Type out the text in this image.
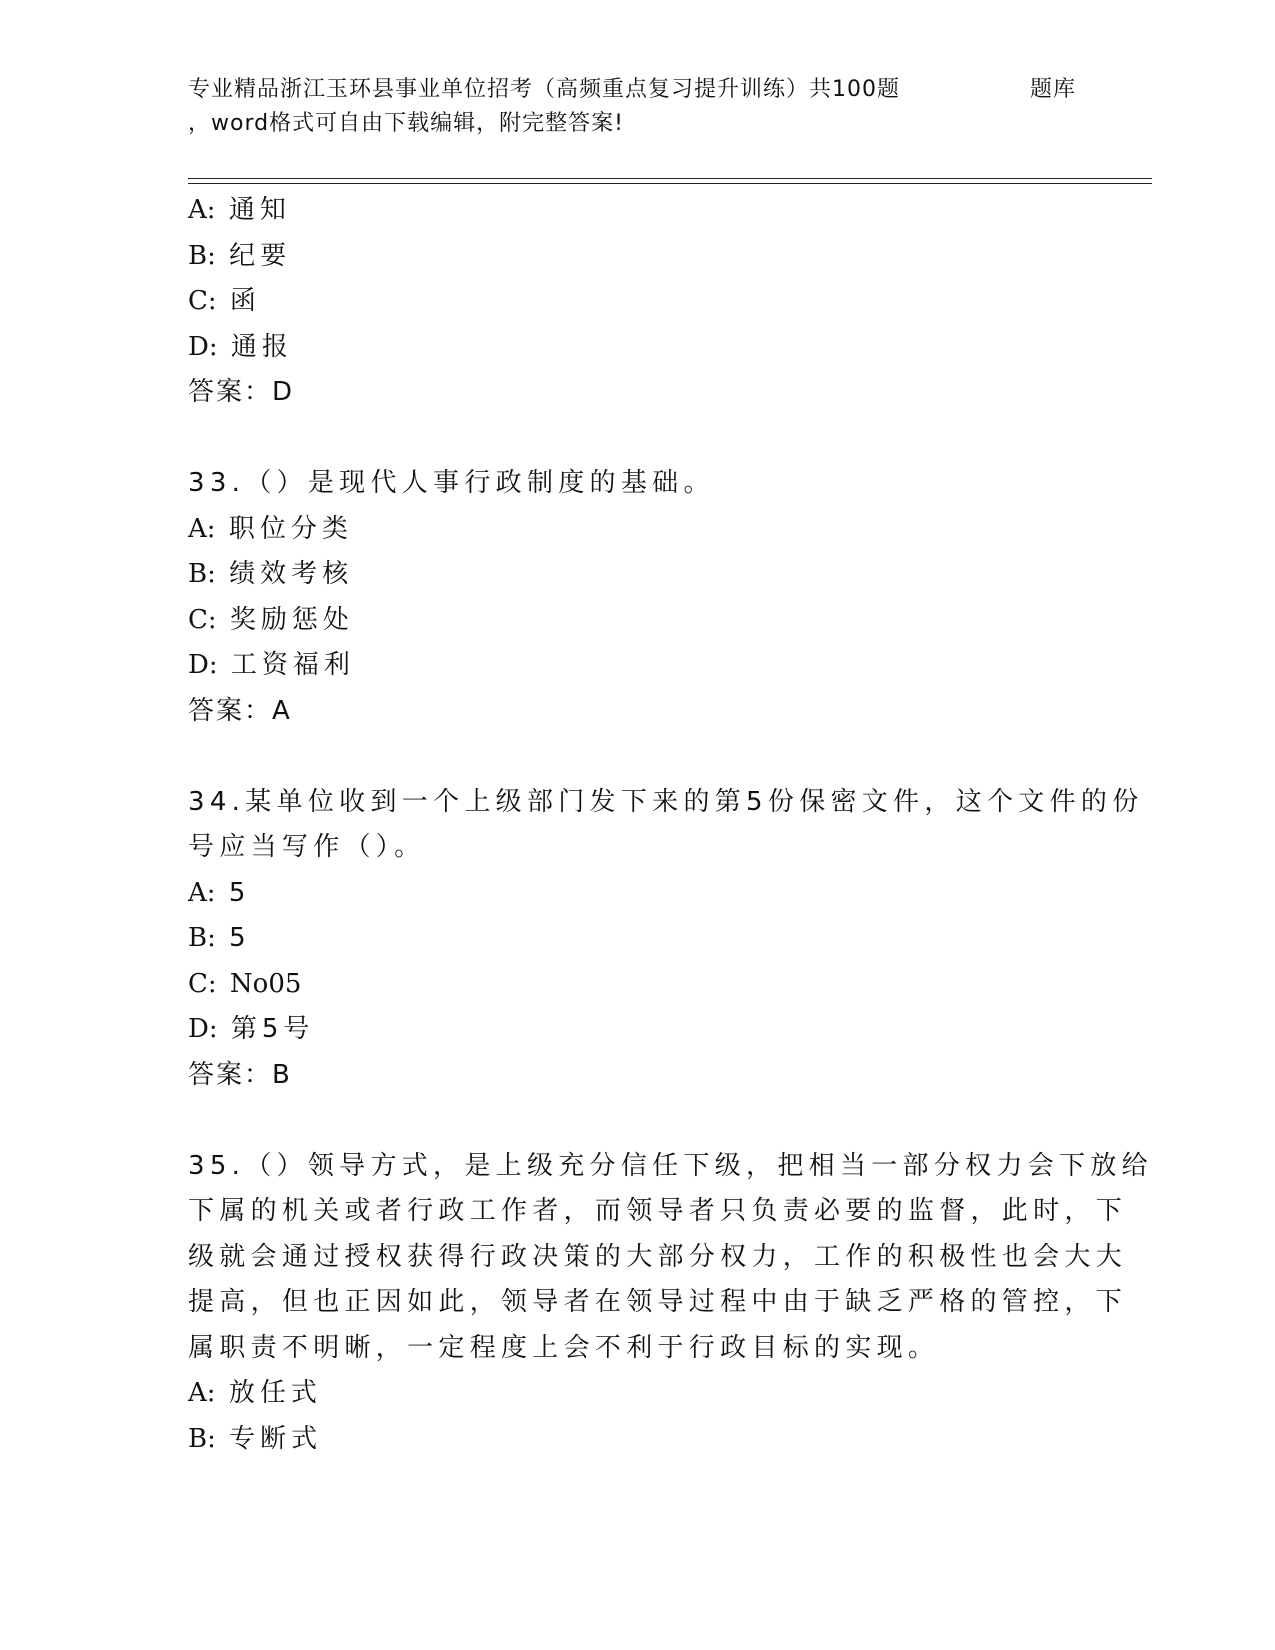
专业精品浙江玉环县事业单位招考（高频重点复习提升训练）共100题	题库
，word格式可自由下载编辑，附完整答案!
A: 通知
B: 纪要
C: 函
D: 通报
答案：D
33.（）是现代人事行政制度的基础。
A: 职位分类
B: 绩效考核
C: 奖励惩处
D: 工资福利
答案：A
34.某单位收到一个上级部门发下来的第5份保密文件，这个文件的份
号应当写作（）。
A: 5
B: 5
C: No05
D: 第5号
答案：B
35.（）领导方式，是上级充分信任下级，把相当一部分权力会下放给
下属的机关或者行政工作者，而领导者只负责必要的监督，此时，下
级就会通过授权获得行政决策的大部分权力，工作的积极性也会大大
提高，但也正因如此，领导者在领导过程中由于缺乏严格的管控，下
属职责不明晰，一定程度上会不利于行政目标的实现。
A: 放任式
B: 专断式
